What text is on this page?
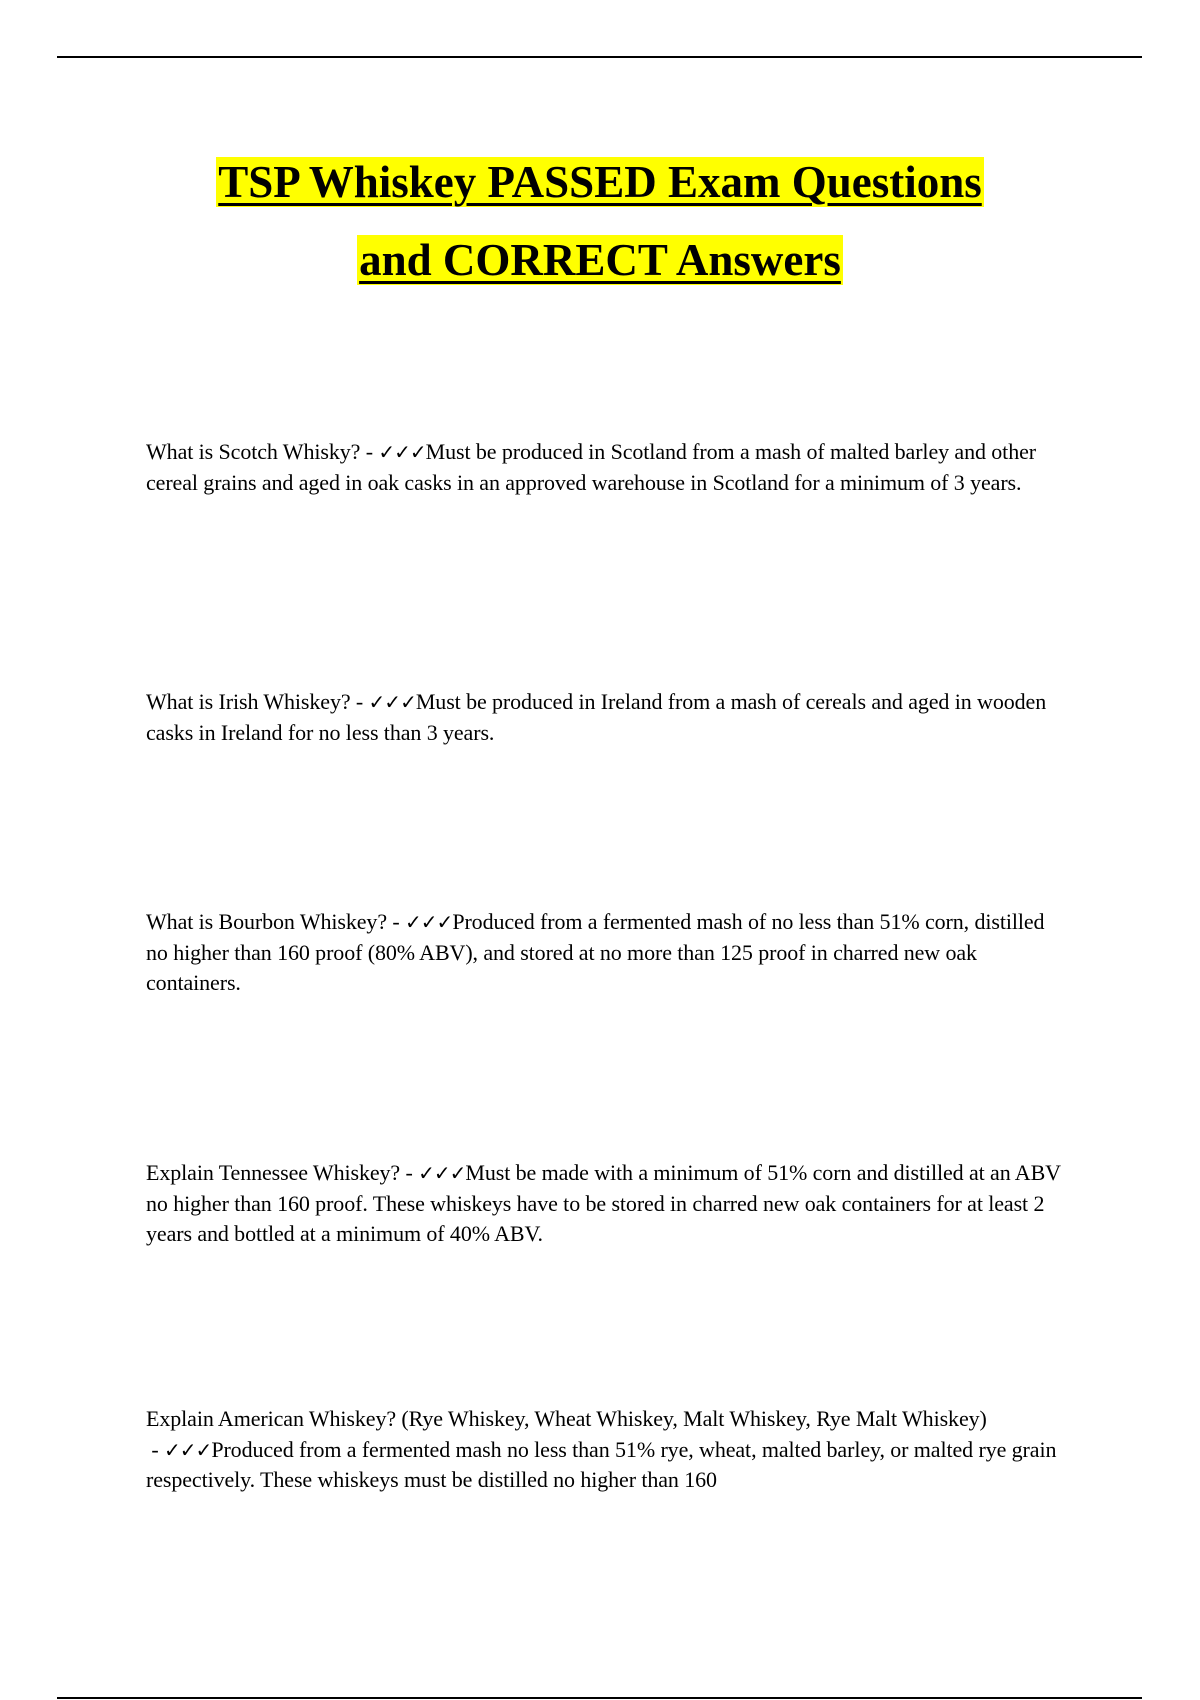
TSP Whiskey PASSED Exam Questions
and CORRECT Answers

What is Scotch Whisky? - ✓✓✓Must be produced in Scotland from a mash of malted barley and other cereal grains and aged in oak casks in an approved warehouse in Scotland for a minimum of 3 years.

What is Irish Whiskey? - ✓✓✓Must be produced in Ireland from a mash of cereals and aged in wooden casks in Ireland for no less than 3 years.

What is Bourbon Whiskey? - ✓✓✓Produced from a fermented mash of no less than 51% corn, distilled no higher than 160 proof (80% ABV), and stored at no more than 125 proof in charred new oak containers.

Explain Tennessee Whiskey? - ✓✓✓Must be made with a minimum of 51% corn and distilled at an ABV no higher than 160 proof. These whiskeys have to be stored in charred new oak containers for at least 2 years and bottled at a minimum of 40% ABV.

Explain American Whiskey? (Rye Whiskey, Wheat Whiskey, Malt Whiskey, Rye Malt Whiskey) - ✓✓✓Produced from a fermented mash no less than 51% rye, wheat, malted barley, or malted rye grain respectively. These whiskeys must be distilled no higher than 160
